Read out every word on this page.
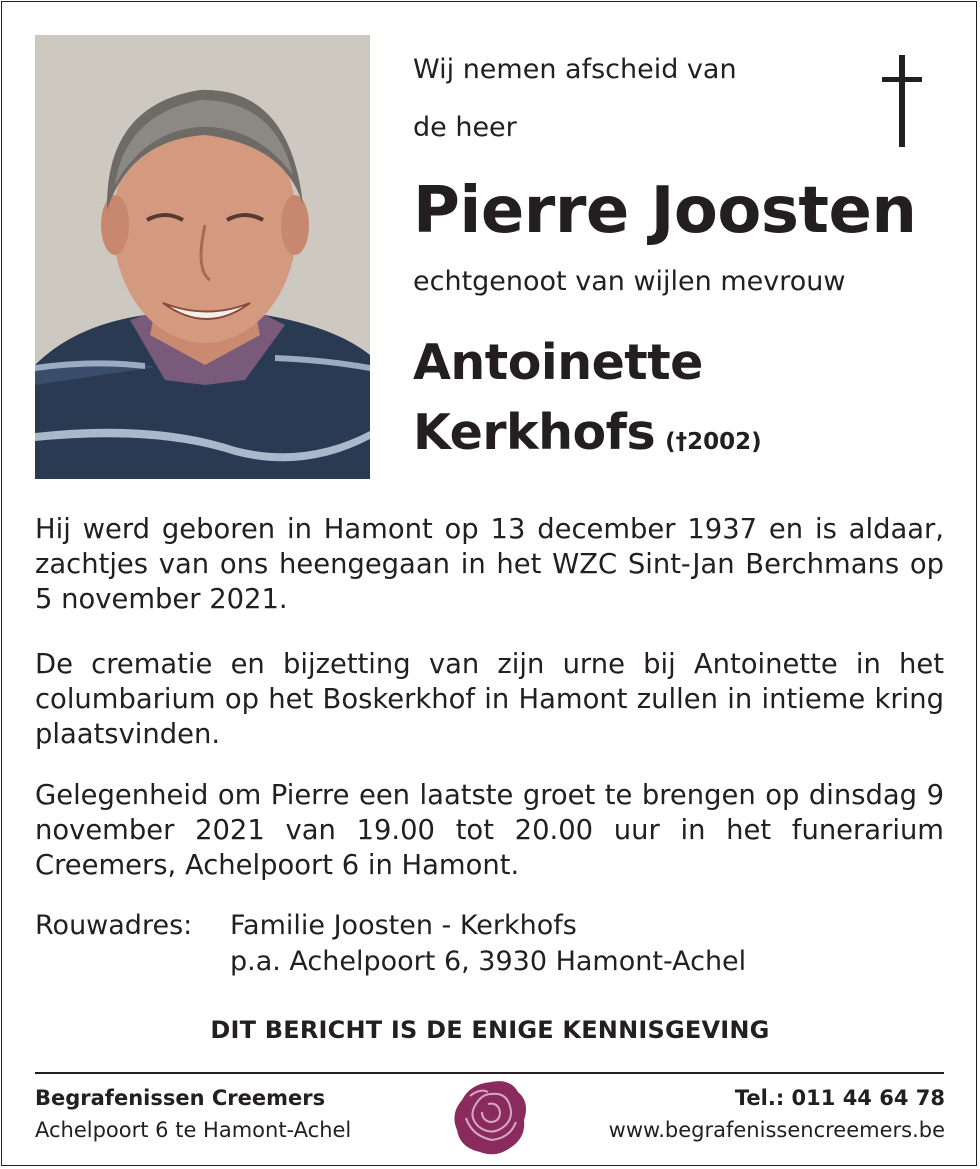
Wij nemen afscheid van

de heer

Pierre Joosten

echtgenoot van wijlen mevrouw

Antoinette

Kerkhofs (†2002)

Hij werd geboren in Hamont op 13 december 1937 en is aldaar, zachtjes van ons heengegaan in het WZC Sint-Jan Berchmans op 5 november 2021.

De crematie en bijzetting van zijn urne bij Antoinette in het columbarium op het Boskerkhof in Hamont zullen in intieme kring plaatsvinden.

Gelegenheid om Pierre een laatste groet te brengen op dinsdag 9 november 2021 van 19.00 tot 20.00 uur in het funerarium Creemers, Achelpoort 6 in Hamont.

Rouwadres: Familie Joosten - Kerkhofs
p.a. Achelpoort 6, 3930 Hamont-Achel
DIT BERICHT IS DE ENIGE KENNISGEVING
Begrafenissen Creemers
Achelpoort 6 te Hamont-Achel
Tel.: 011 44 64 78
www.begrafenissencreemers.be
